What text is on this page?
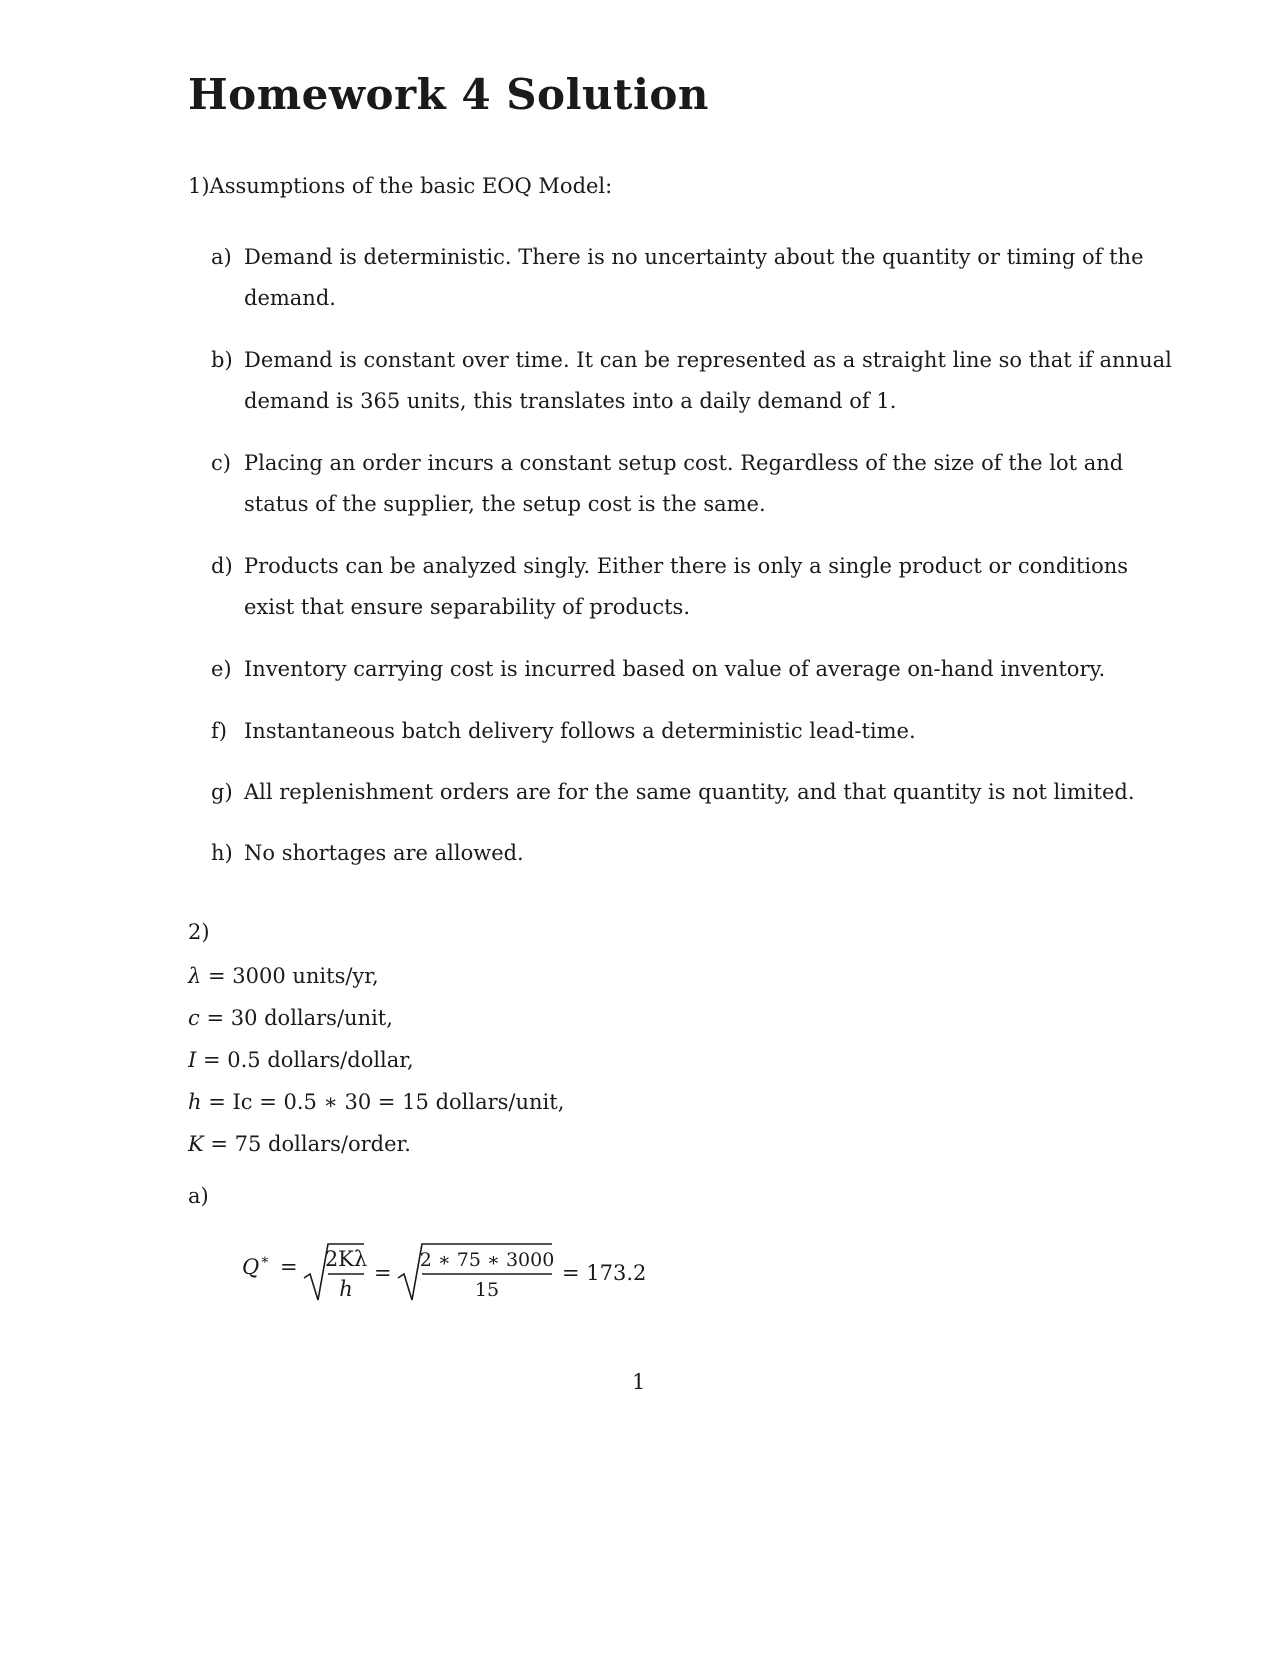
Homework 4 Solution
1)Assumptions of the basic EOQ Model:
a) Demand is deterministic. There is no uncertainty about the quantity or timing of the
demand.
b) Demand is constant over time. It can be represented as a straight line so that if annual
demand is 365 units, this translates into a daily demand of 1.
c) Placing an order incurs a constant setup cost. Regardless of the size of the lot and
status of the supplier, the setup cost is the same.
d) Products can be analyzed singly. Either there is only a single product or conditions
exist that ensure separability of products.
e) Inventory carrying cost is incurred based on value of average on-hand inventory.
f) Instantaneous batch delivery follows a deterministic lead-time.
g) All replenishment orders are for the same quantity, and that quantity is not limited.
h) No shortages are allowed.
2)
λ = 3000 units/yr,
c = 30 dollars/unit,
I = 0.5 dollars/dollar,
h = Ic = 0.5 ∗ 30 = 15 dollars/unit,
K = 75 dollars/order.
a)
Q ∗ = 2Kλ
h
=
2 ∗ 75 ∗ 3000
15
= 173.2
1
